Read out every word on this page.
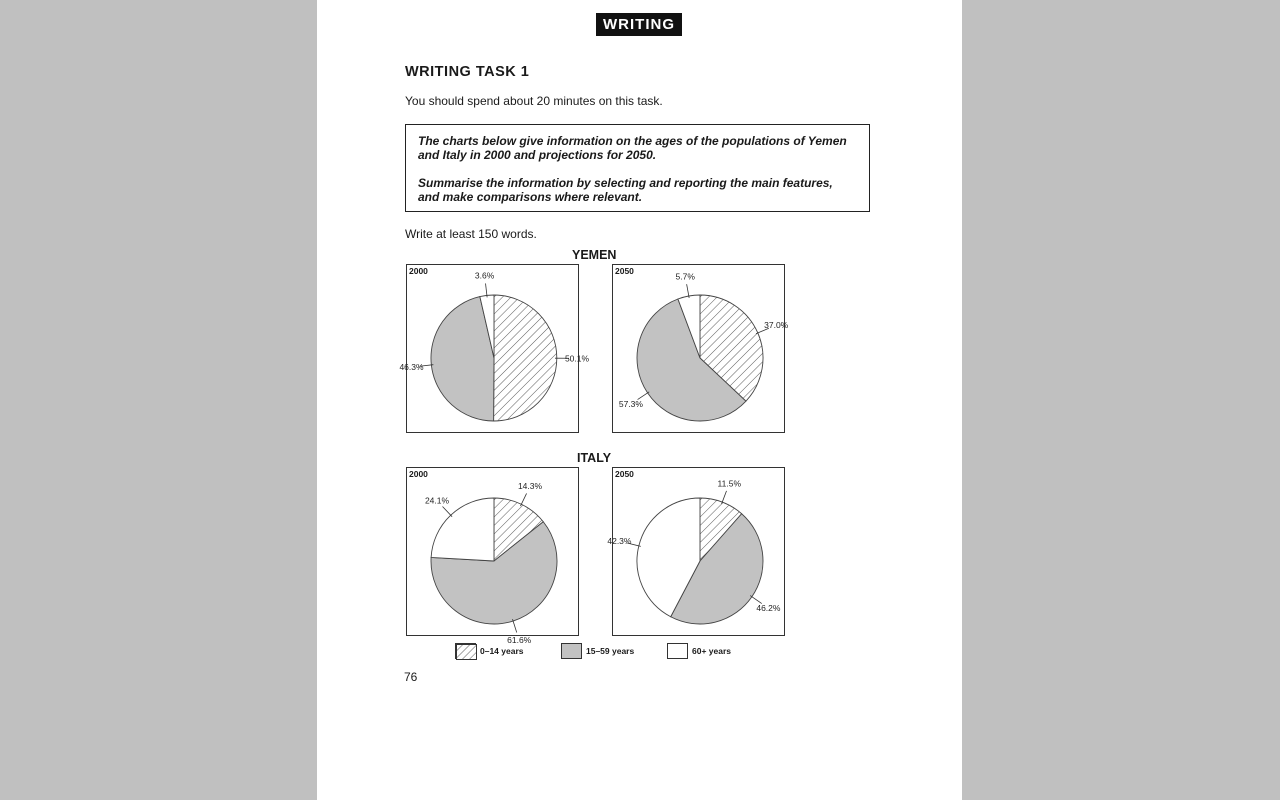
WRITING
WRITING TASK 1
You should spend about 20 minutes on this task.

The charts below give information on the ages of the populations of Yemen and Italy in 2000 and projections for 2050.

Summarise the information by selecting and reporting the main features, and make comparisons where relevant.

Write at least 150 words.
YEMEN
ITALY
2000
50.1%
46.3%
3.6%	2050
37.0%
57.3%
5.7%
2000
14.3%
61.6%
24.1%
2050
11.5%
46.2%
42.3%
0–14 years	15–59 years	60+ years
76
